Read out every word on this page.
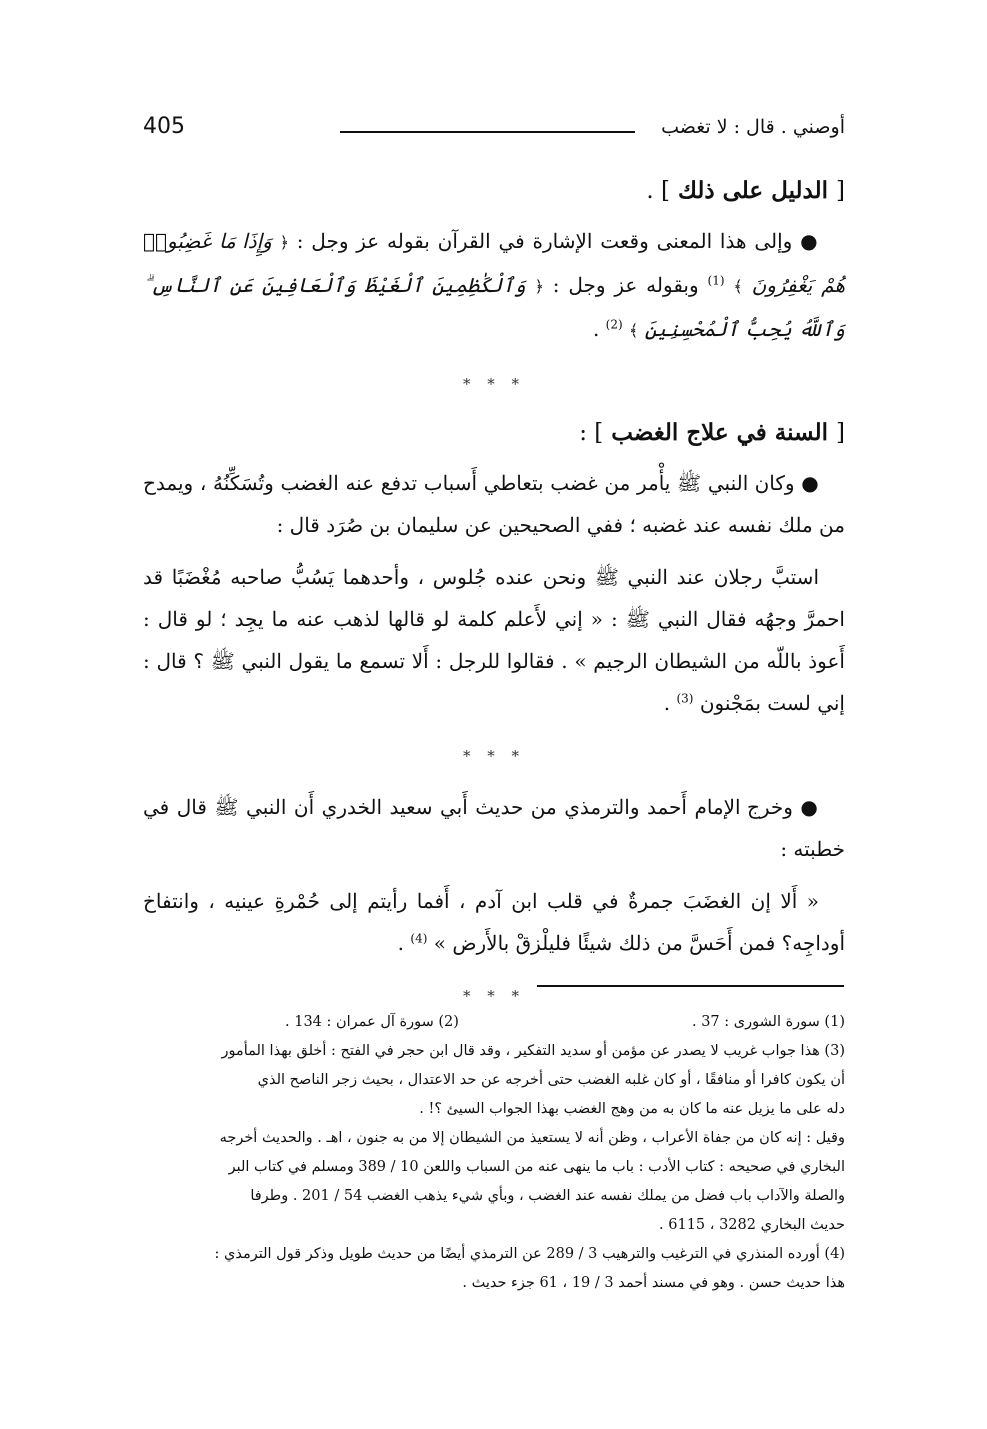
أوصني . قال : لا تغضب
405
[ الدليل على ذلك ] .

● وإلى هذا المعنى وقعت الإشارة في القرآن بقوله عز وجل : ﴿ وَإِذَا مَا غَضِبُوا۟ هُمْ يَغْفِرُونَ ﴾ $^{(1)}$ وبقوله عز وجل : ﴿ وَٱلْكَٰظِمِينَ ٱلْغَيْظَ وَٱلْعَافِينَ عَنِ ٱلنَّاسِ ۗ وَٱللَّهُ يُحِبُّ ٱلْمُحْسِنِينَ ﴾ $^{(2)}$ .

* * *
[ السنة في علاج الغضب ] :

● وكان النبي ﷺ يأْمر من غضب بتعاطي أَسباب تدفع عنه الغضب وتُسَكِّنُهُ ، ويمدح من ملك نفسه عند غضبه ؛ ففي الصحيحين عن سليمان بن صُرَد قال :

استبَّ رجلان عند النبي ﷺ ونحن عنده جُلوس ، وأحدهما يَسُبُّ صاحبه مُغْضَبًا قد احمرَّ وجهُه فقال النبي ﷺ : « إني لأَعلم كلمة لو قالها لذهب عنه ما يجِد ؛ لو قال : أَعوذ باللّه من الشيطان الرجيم » . فقالوا للرجل : أَلا تسمع ما يقول النبي ﷺ ؟ قال : إني لست بمَجْنون $^{(3)}$ .

* * *

● وخرج الإمام أَحمد والترمذي من حديث أَبي سعيد الخدري أَن النبي ﷺ قال في خطبته :

« أَلا إن الغضَبَ جمرةٌ في قلب ابن آدم ، أَفما رأيتم إلى حُمْرةِ عينيه ، وانتفاخ أوداجِه؟ فمن أَحَسَّ من ذلك شيئًا فليلْزقْ بالأَرض » $^{(4)}$ .

* * *
(1) سورة الشورى : 37 .
(2) سورة آل عمران : 134 .

(3) هذا جواب غريب لا يصدر عن مؤمن أو سديد التفكير ، وقد قال ابن حجر في الفتح : أخلق بهذا المأمور

أن يكون كافرا أو منافقًا ، أو كان غلبه الغضب حتى أخرجه عن حد الاعتدال ، بحيث زجر الناصح الذي

دله على ما يزيل عنه ما كان به من وهج الغضب بهذا الجواب السيئ ؟! .

وقيل : إنه كان من جفاة الأعراب ، وظن أنه لا يستعيذ من الشيطان إلا من به جنون ، اهـ . والحديث أخرجه

البخاري في صحيحه : كتاب الأدب : باب ما ينهى عنه من السباب واللعن 10 / 389 ومسلم في كتاب البر

والصلة والآداب باب فضل من يملك نفسه عند الغضب ، وبأي شيء يذهب الغضب 54 / 201 . وطرفا

حديث البخاري 3282 ، 6115 .

(4) أورده المنذري في الترغيب والترهيب 3 / 289 عن الترمذي أيضًا من حديث طويل وذكر قول الترمذي :

هذا حديث حسن . وهو في مسند أحمد 3 / 19 ، 61 جزء حديث .
